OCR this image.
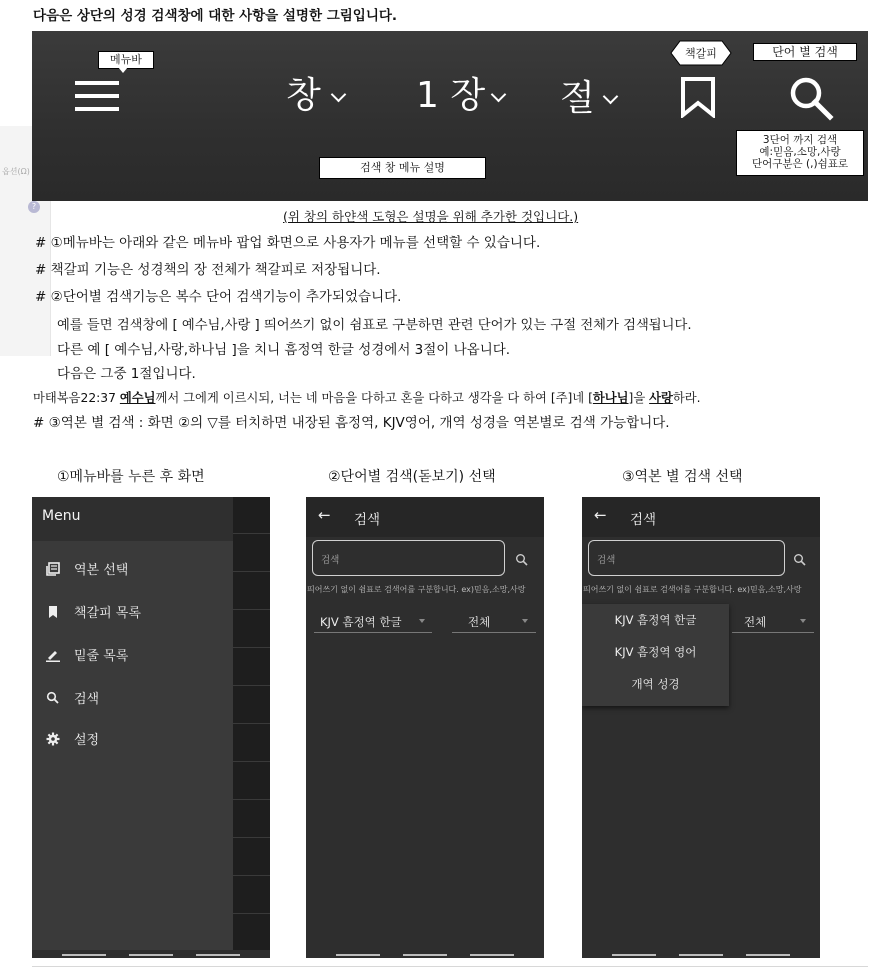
다음은 상단의 성경 검색창에 대한 사항을 설명한 그림입니다.
옵션(Ω)
?
메뉴바
창	1 장 절
책갈피	단어 별 검색
3단어 까지 검색
예:믿음,소망,사랑
단어구분은 (,)쉼표로
검색 창 메뉴 설명
(위 창의 하얀색 도형은 설명을 위해 추가한 것입니다.)
# ①메뉴바는 아래와 같은 메뉴바 팝업 화면으로 사용자가 메뉴를 선택할 수 있습니다.
# 책갈피 기능은 성경책의 장 전체가 책갈피로 저장됩니다.
# ②단어별 검색기능은 복수 단어 검색기능이 추가되었습니다.
예를 들면 검색창에 [ 예수님,사랑 ] 띄어쓰기 없이 쉼표로 구분하면 관련 단어가 있는 구절 전체가 검색됩니다.
다른 예 [ 예수님,사랑,하나님 ]을 치니 흠정역 한글 성경에서 3절이 나옵니다.
다음은 그중 1절입니다.
마태복음22:37 예수님께서 그에게 이르시되, 너는 네 마음을 다하고 혼을 다하고 생각을 다 하여 [주]네 [하나님]을 사랑하라.
# ③역본 별 검색 : 화면 ②의 ▽를 터치하면 내장된 흠정역, KJV영어, 개역 성경을 역본별로 검색 가능합니다.
①메뉴바를 누른 후 화면	②단어별 검색(돋보기) 선택	③역본 별 검색 선택
Menu
역본 선택
책갈피 목록
밑줄 목록
검색
설정
← 검색
검색
띄어쓰기 없이 쉼표로 검색어를 구분합니다. ex)믿음,소망,사랑
KJV 흠정역 한글	전체
← 검색
검색
띄어쓰기 없이 쉼표로 검색어를 구분합니다. ex)믿음,소망,사랑
전체
KJV 흠정역 한글
KJV 흠정역 영어
개역 성경
